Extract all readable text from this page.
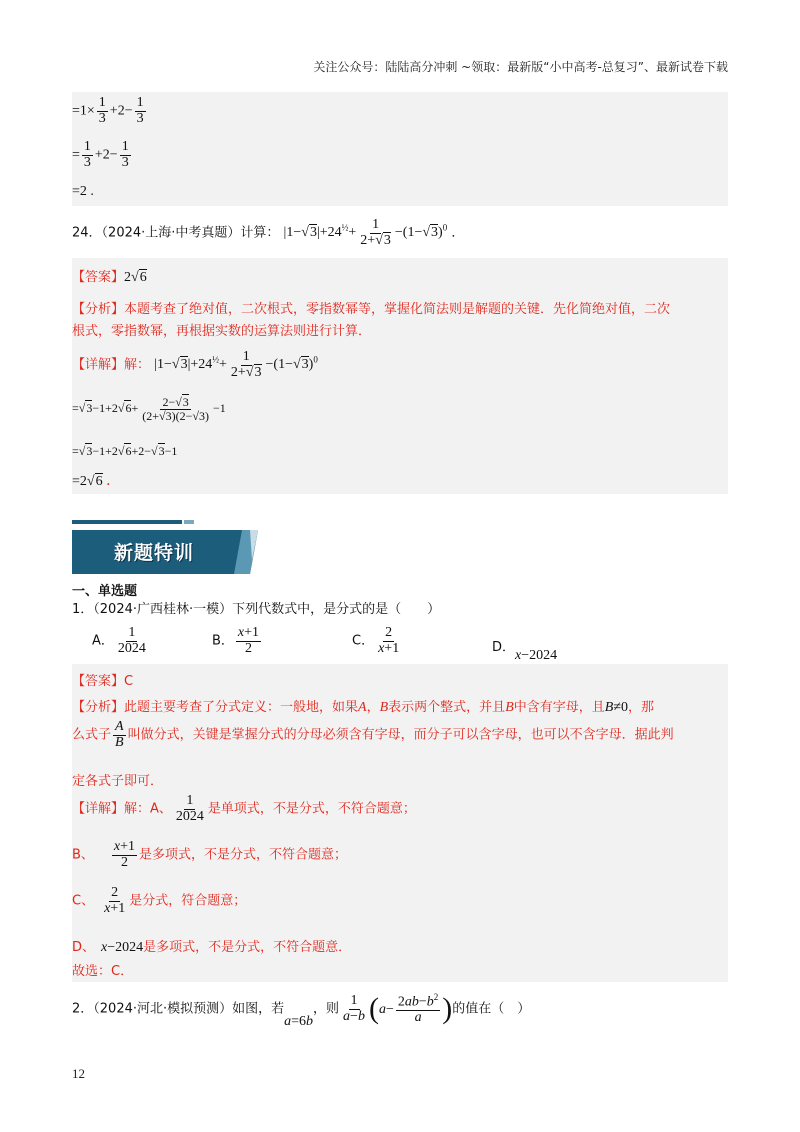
关注公众号：陆陆高分冲刺 ~领取：最新版“小中高考-总复习”、最新试卷下载
$=1\times \frac{1}{3} +2- \frac{1}{3}$
= $\frac{1}{3} +2- \frac{1}{3}$
=2 .
24．（2024·上海·中考真题）计算： $|1-√3|+24^{\frac{1}{2}}+ \frac{1}{2+√3} -(1-√3)^0$ ．
【答案】2√6
【分析】本题考查了绝对值，二次根式，零指数幂等，掌握化简法则是解题的关键．先化简绝对值，二次
根式，零指数幂，再根据实数的运算法则进行计算．
【详解】解： $|1-√3|+24^{\frac{1}{2}}+ \frac{1}{2+√3} -(1-√3)^0$
$=√3-1+2√6+ \frac{2-√3}{(2+√3)(2-√3)} -1$
=√3−1+2√6+2−√3−1
=2√6 ．
新题特训
一、单选题
1．（2024·广西桂林·一模）下列代数式中，是分式的是（　　）
A． $\frac{1}{2024}$	B． $\frac{x+1}{2}$	C． $\frac{2}{x+1}$	D．x−2024
【答案】C
【分析】此题主要考查了分式定义：一般地，如果A，B表示两个整式，并且B中含有字母，且B≠0，那
么式子 $\frac{A}{B}$ 叫做分式，关键是掌握分式的分母必须含有字母，而分子可以含字母，也可以不含字母．据此判
定各式子即可．
【详解】解：A、 $\frac{1}{2024}$ 是单项式，不是分式，不符合题意；
B、 $\frac{x+1}{2}$ 是多项式，不是分式，不符合题意；
C、 $\frac{2}{x+1}$ 是分式，符合题意；
D、 x−2024是多项式，不是分式，不符合题意．
故选：C．
2．（2024·河北·模拟预测）如图，若a=6b，则 $\frac{1}{a-b} (a- \frac{2ab-b^2}{a}$ )的值在（　）
12
